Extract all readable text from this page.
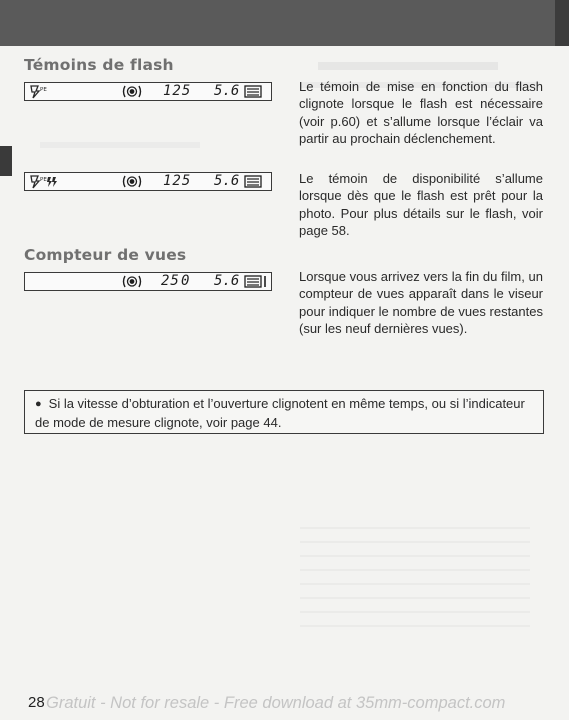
Témoins de flash
PE	125 5.6
PE	125 5.6

Le témoin de mise en fonction du flash clignote lorsque le flash est nécessaire (voir p.60) et s’allume lorsque l’éclair va partir au prochain déclenchement.

Le témoin de disponibilité s’allume lorsque dès que le flash est prêt pour la photo. Pour plus détails sur le flash, voir page 58.

Compteur de vues
25 0 5.6	Lorsque vous arrivez vers la fin du film, un compteur de vues apparaît dans le viseur pour indiquer le nombre de vues restantes (sur les neuf dernières vues).

● Si la vitesse d’obturation et l’ouverture clignotent en même temps, ou si l’indicateur de mode de mesure clignote, voir page 44.

28 Gratuit - Not for resale - Free download at 35mm-compact.com
